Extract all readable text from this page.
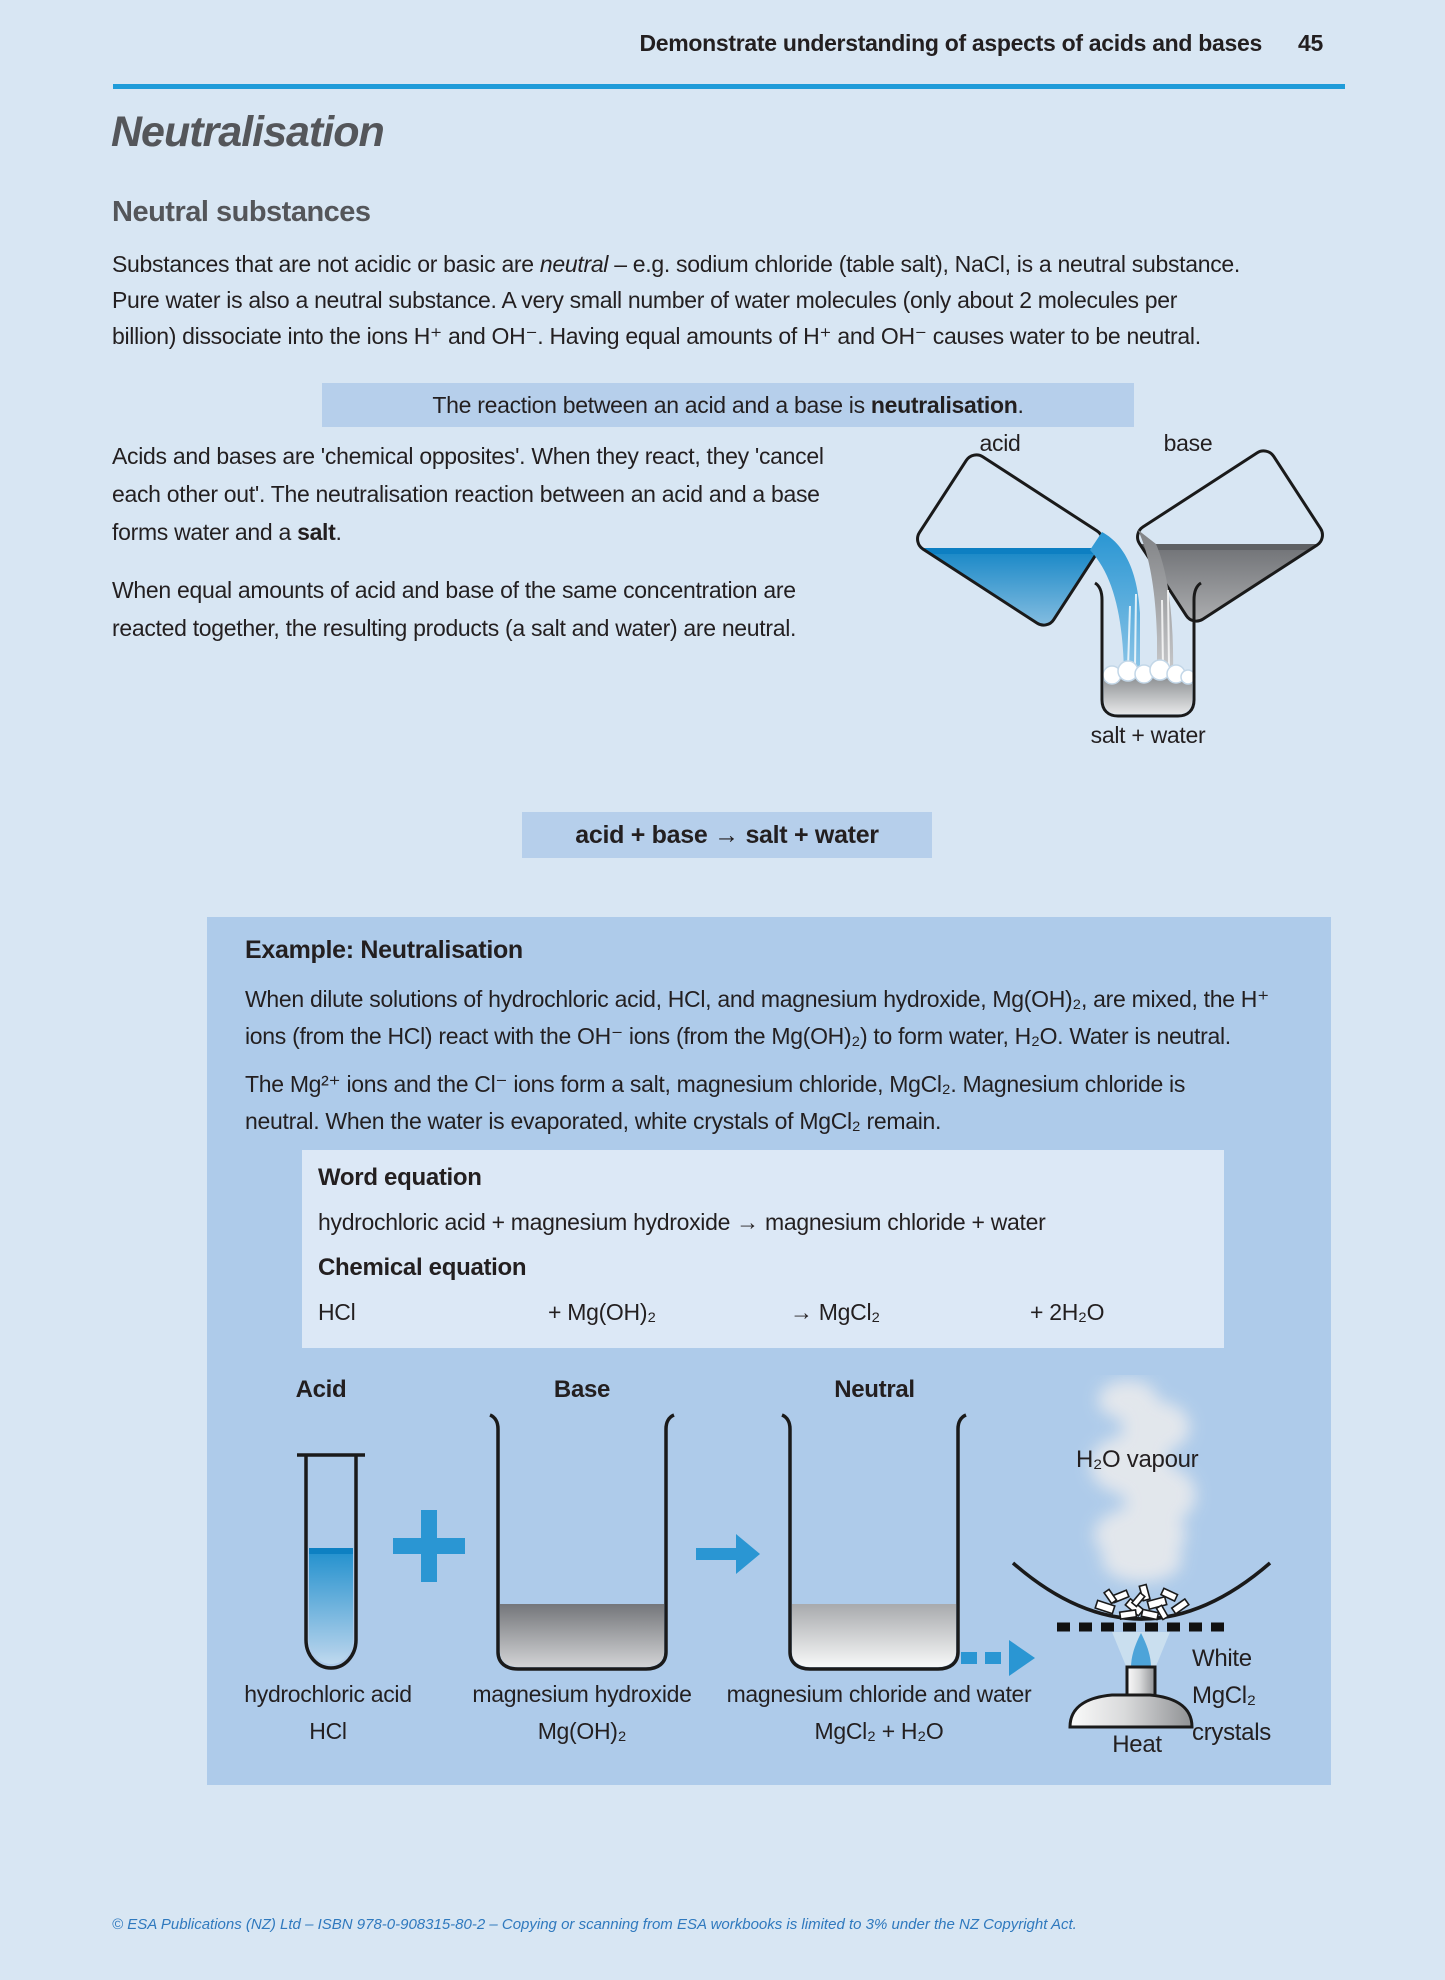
Demonstrate understanding of aspects of acids and bases 45
Neutralisation
Neutral substances
Substances that are not acidic or basic are neutral – e.g. sodium chloride (table salt), NaCl, is a neutral substance.
Pure water is also a neutral substance. A very small number of water molecules (only about 2 molecules per
billion) dissociate into the ions H⁺ and OH⁻. Having equal amounts of H⁺ and OH⁻ causes water to be neutral.
The reaction between an acid and a base is neutralisation.
Acids and bases are 'chemical opposites'. When they react, they 'cancel
each other out'. The neutralisation reaction between an acid and a base
forms water and a salt.
When equal amounts of acid and base of the same concentration are
reacted together, the resulting products (a salt and water) are neutral.
acid	base
salt + water
acid + base → salt + water
Example: Neutralisation
When dilute solutions of hydrochloric acid, HCl, and magnesium hydroxide, Mg(OH)₂, are mixed, the H⁺
ions (from the HCl) react with the OH⁻ ions (from the Mg(OH)₂) to form water, H₂O. Water is neutral.
The Mg²⁺ ions and the Cl⁻ ions form a salt, magnesium chloride, MgCl₂. Magnesium chloride is
neutral. When the water is evaporated, white crystals of MgCl₂ remain.
Word equation
hydrochloric acid + magnesium hydroxide → magnesium chloride + water
Chemical equation
HCl	+ Mg(OH)₂	→ MgCl₂	+ 2H₂O
Acid	Base	Neutral
H₂O vapour
White
MgCl₂
crystals
Heat
hydrochloric acid
HCl
magnesium hydroxide
Mg(OH)₂
magnesium chloride and water
MgCl₂ + H₂O
© ESA Publications (NZ) Ltd – ISBN 978-0-908315-80-2 – Copying or scanning from ESA workbooks is limited to 3% under the NZ Copyright Act.
